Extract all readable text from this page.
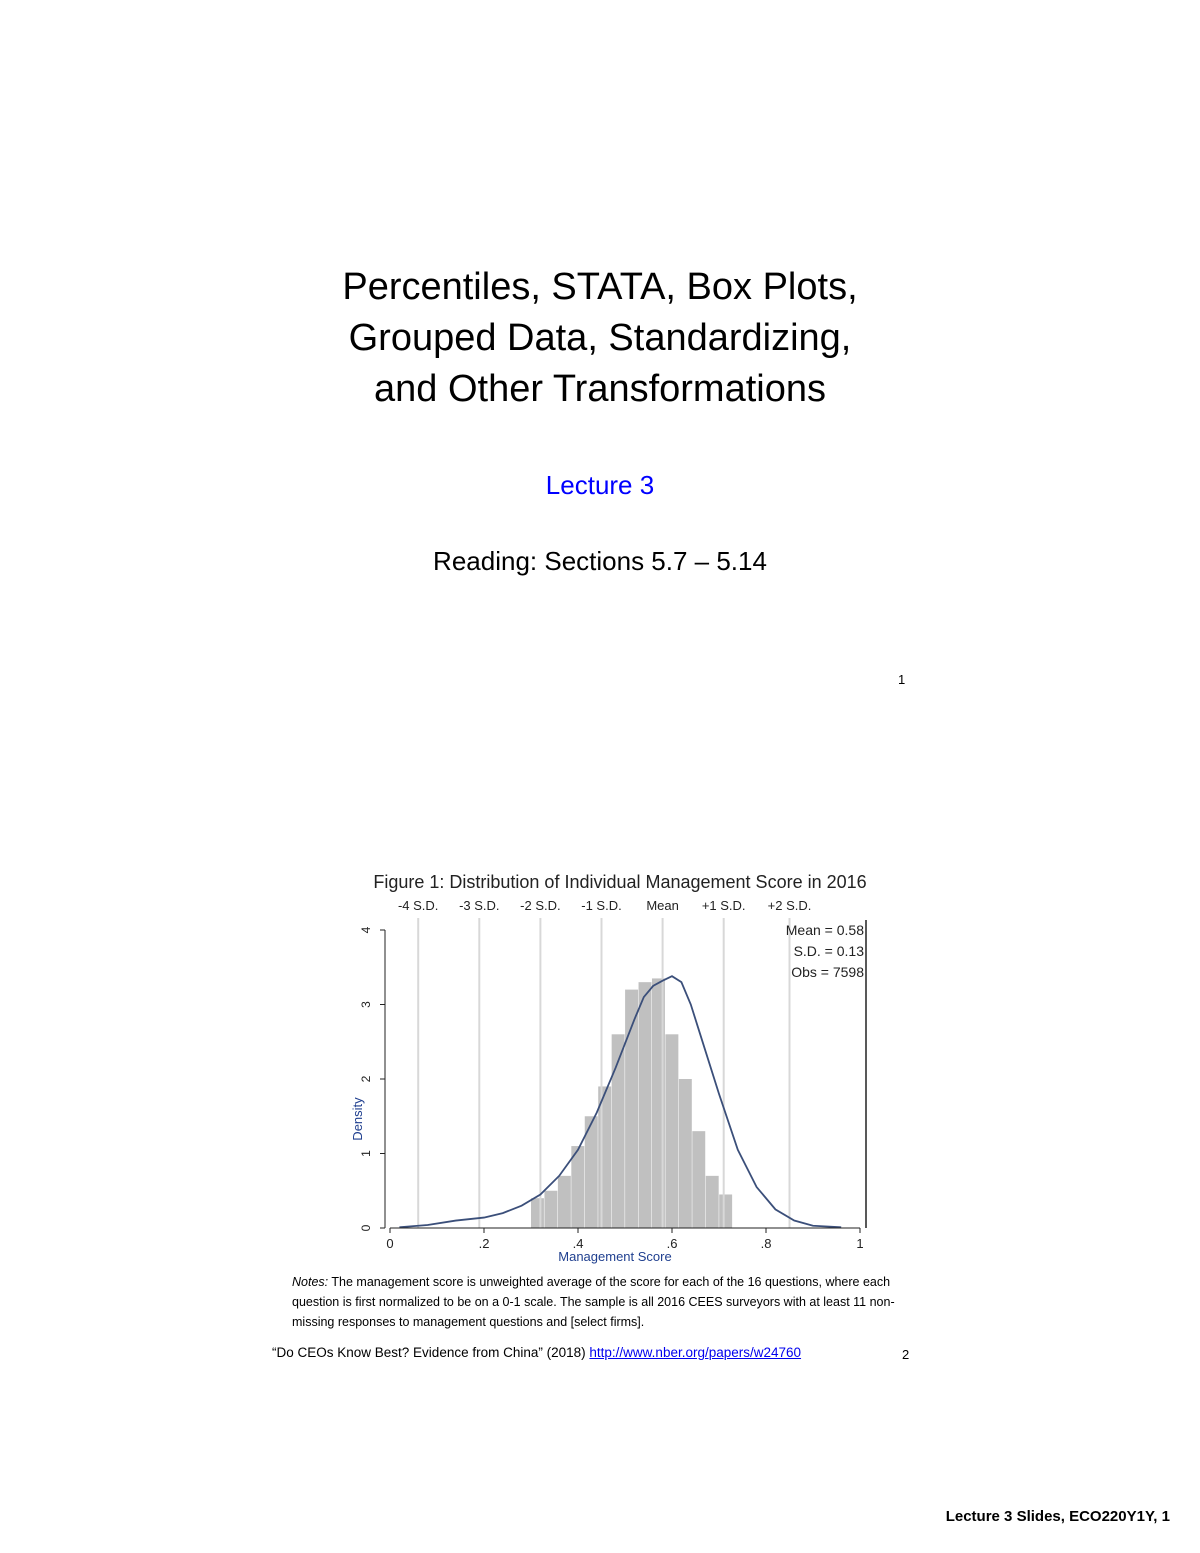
Percentiles, STATA, Box Plots,
Grouped Data, Standardizing,
and Other Transformations
Lecture 3
Reading: Sections 5.7 – 5.14
1
Figure 1: Distribution of Individual Management Score in 2016
-4 S.D. -3 S.D. -2 S.D. -1 S.D. Mean +1 S.D. +2 S.D.
0	.2	.4	.6	.8	1
0
1
2
3
4
Management Score
Density
Mean = 0.58
S.D. = 0.13
Obs = 7598
Notes: The management score is unweighted average of the score for each of the 16 questions, where each question is first normalized to be on a 0-1 scale. The sample is all 2016 CEES surveyors with at least 11 non-missing responses to management questions and [select firms].
“Do CEOs Know Best? Evidence from China” (2018) http://www.nber.org/papers/w24760	2
Lecture 3 Slides, ECO220Y1Y, 1
